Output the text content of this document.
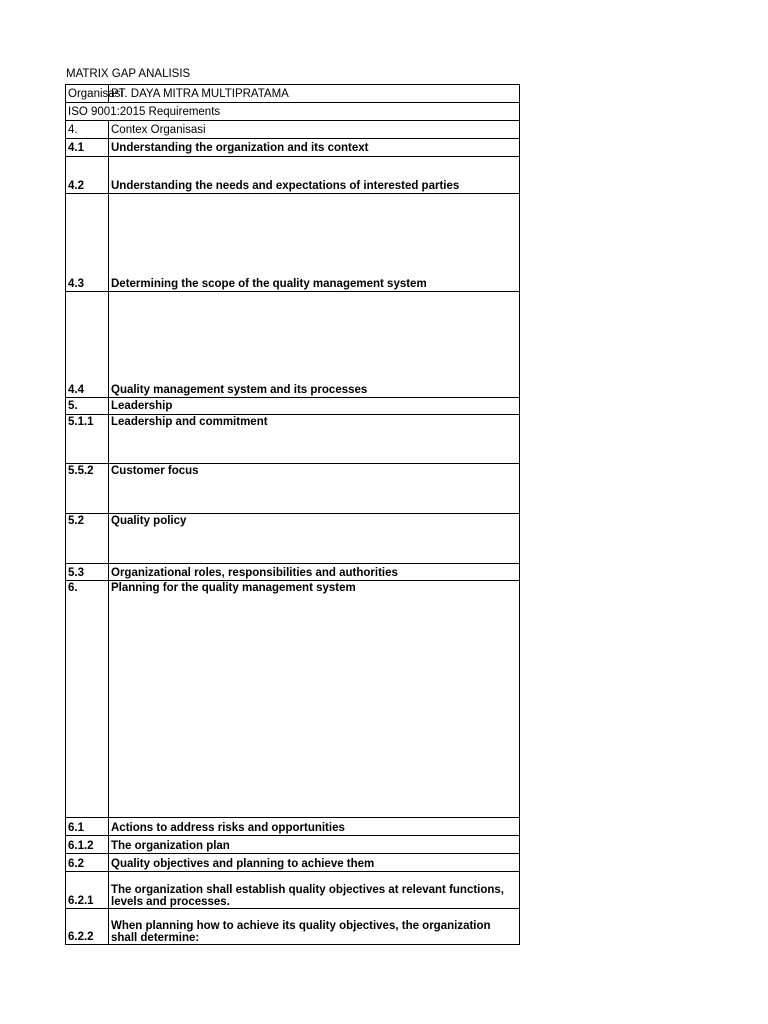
MATRIX GAP ANALISIS
Organisasi	PT. DAYA MITRA MULTIPRATAMA
ISO 9001:2015 Requirements	
4.	Contex Organisasi
4.1	Understanding the organization and its context
4.2	Understanding the needs and expectations of interested parties
4.3	Determining the scope of the quality management system
4.4	Quality management system and its processes
5.	Leadership
5.1.1	Leadership and commitment
5.5.2	Customer focus
5.2	Quality policy
5.3	Organizational roles, responsibilities and authorities
6.	Planning for the quality management system
6.1	Actions to address risks and opportunities
6.1.2	The organization plan
6.2	Quality objectives and planning to achieve them
6.2.1	The organization shall establish quality objectives at relevant functions, levels and processes.
6.2.2	When planning how to achieve its quality objectives, the organization shall determine:
